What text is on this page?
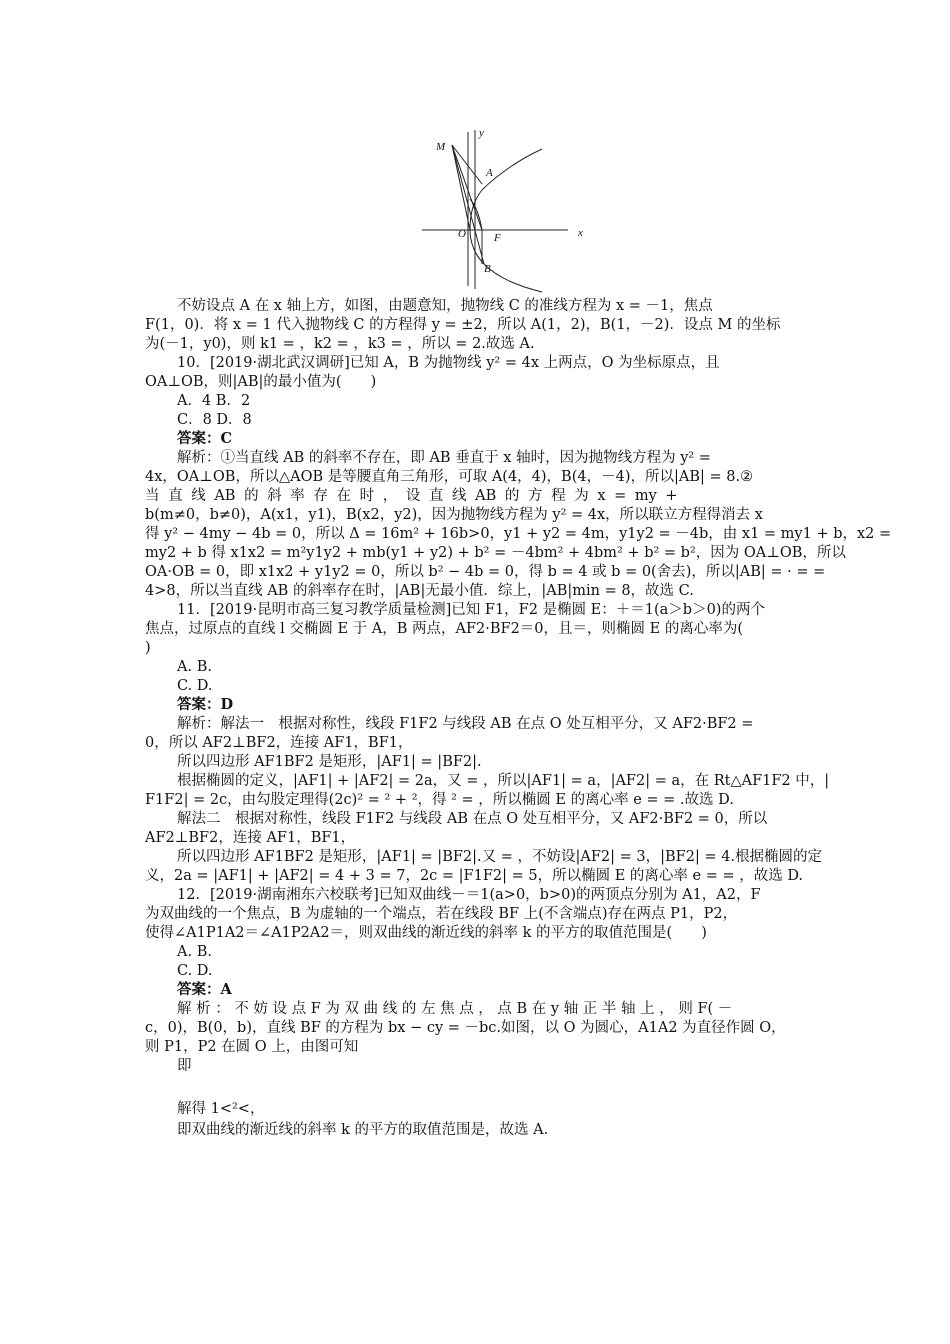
M
y
A
O	F	x
B
不妨设点 A 在 x 轴上方，如图，由题意知，抛物线 C 的准线方程为 x = －1，焦点
F(1，0)．将 x = 1 代入抛物线 C 的方程得 y = ±2，所以 A(1，2)，B(1，－2)．设点 M 的坐标
为(－1，y0)，则 k1 = ，k2 = ，k3 = ，所以 = 2.故选 A.
10．[2019·湖北武汉调研]已知 A，B 为抛物线 y² = 4x 上两点，O 为坐标原点，且
OA⊥OB，则|AB|的最小值为(　　)
A．4 B．2
C．8 D．8
答案：C
解析：①当直线 AB 的斜率不存在，即 AB 垂直于 x 轴时，因为抛物线方程为 y² =
4x，OA⊥OB，所以△AOB 是等腰直角三角形，可取 A(4，4)，B(4，－4)，所以|AB| = 8.②
当 直 线 AB 的 斜 率 存 在 时 ， 设 直 线 AB 的 方 程 为 x = my +
b(m≠0，b≠0)，A(x1，y1)，B(x2，y2)，因为抛物线方程为 y² = 4x，所以联立方程得消去 x
得 y² − 4my − 4b = 0，所以 Δ = 16m² + 16b>0，y1 + y2 = 4m，y1y2 = －4b，由 x1 = my1 + b，x2 =
my2 + b 得 x1x2 = m²y1y2 + mb(y1 + y2) + b² = －4bm² + 4bm² + b² = b²，因为 OA⊥OB，所以
OA·OB = 0，即 x1x2 + y1y2 = 0，所以 b² − 4b = 0，得 b = 4 或 b = 0(舍去)，所以|AB| = · = =
4>8，所以当直线 AB 的斜率存在时，|AB|无最小值．综上，|AB|min = 8，故选 C.
11．[2019·昆明市高三复习教学质量检测]已知 F1，F2 是椭圆 E：＋＝1(a＞b＞0)的两个
焦点，过原点的直线 l 交椭圆 E 于 A，B 两点，AF2·BF2＝0，且＝，则椭圆 E 的离心率为(
)
A. B.
C. D.
答案：D
解析：解法一　根据对称性，线段 F1F2 与线段 AB 在点 O 处互相平分，又 AF2·BF2 =
0，所以 AF2⊥BF2，连接 AF1，BF1，
所以四边形 AF1BF2 是矩形，|AF1| = |BF2|.
根据椭圆的定义，|AF1| + |AF2| = 2a，又 = ，所以|AF1| = a，|AF2| = a，在 Rt△AF1F2 中，|
F1F2| = 2c，由勾股定理得(2c)² = ² + ²，得 ² = ，所以椭圆 E 的离心率 e = = .故选 D.
解法二　根据对称性，线段 F1F2 与线段 AB 在点 O 处互相平分，又 AF2·BF2 = 0，所以
AF2⊥BF2，连接 AF1，BF1，
所以四边形 AF1BF2 是矩形，|AF1| = |BF2|.又 = ，不妨设|AF2| = 3，|BF2| = 4.根据椭圆的定
义，2a = |AF1| + |AF2| = 4 + 3 = 7，2c = |F1F2| = 5，所以椭圆 E 的离心率 e = = ，故选 D.
12．[2019·湖南湘东六校联考]已知双曲线－＝1(a>0，b>0)的两顶点分别为 A1，A2，F
为双曲线的一个焦点，B 为虚轴的一个端点，若在线段 BF 上(不含端点)存在两点 P1，P2，
使得∠A1P1A2＝∠A1P2A2＝，则双曲线的渐近线的斜率 k 的平方的取值范围是(　　)
A. B.
C. D.
答案：A
解 析 ： 不 妨 设 点 F 为 双 曲 线 的 左 焦 点 ， 点 B 在 y 轴 正 半 轴 上 ， 则 F( －
c，0)，B(0，b)，直线 BF 的方程为 bx − cy = －bc.如图，以 O 为圆心，A1A2 为直径作圆 O，
则 P1，P2 在圆 O 上，由图可知
即
解得 1<²<，
即双曲线的渐近线的斜率 k 的平方的取值范围是，故选 A.
